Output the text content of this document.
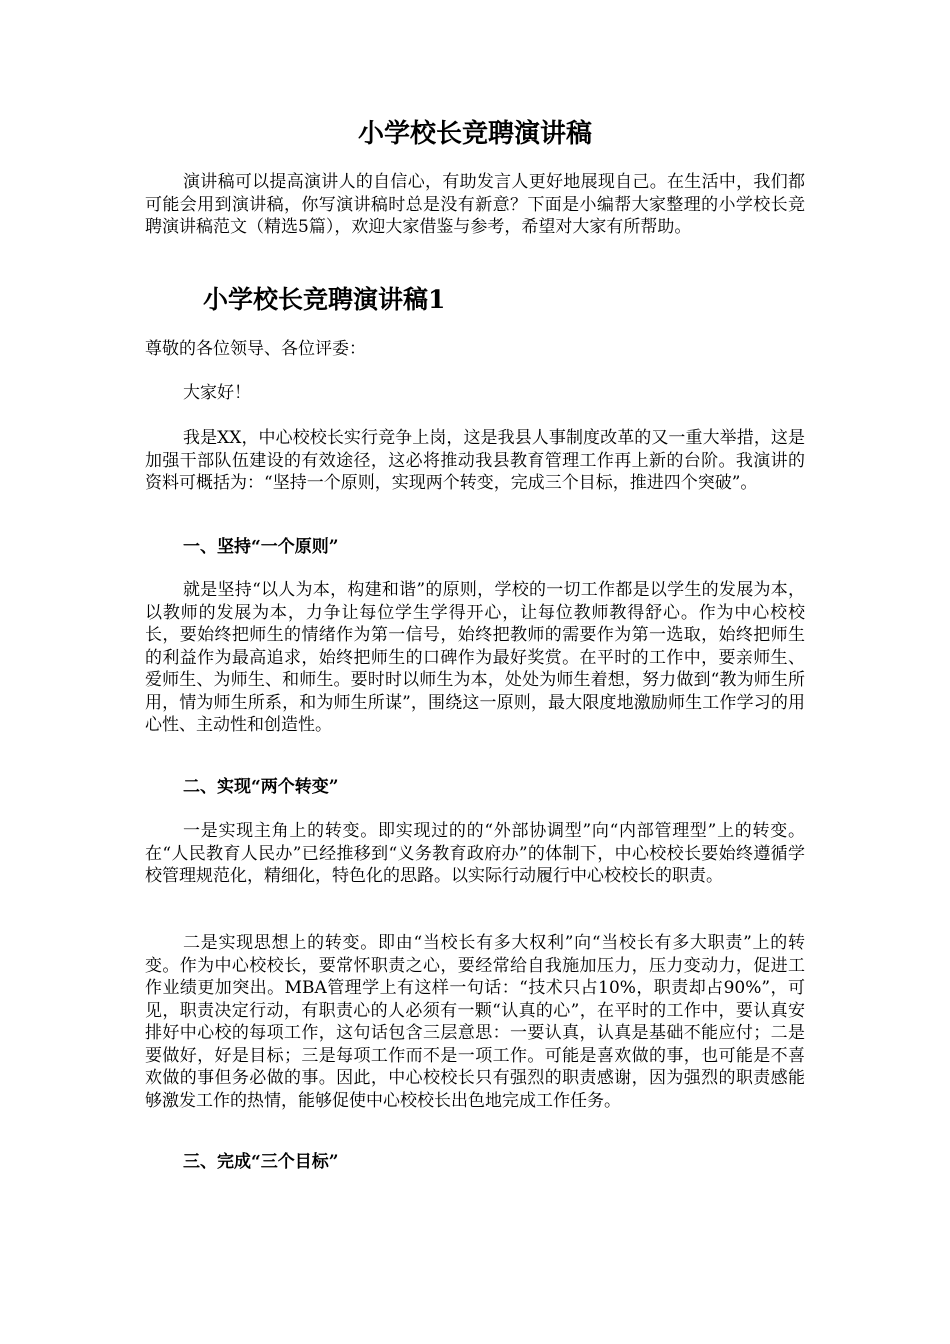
小学校长竞聘演讲稿

演讲稿可以提高演讲人的自信心，有助发言人更好地展现自己。在生活中，我们都可能会用到演讲稿，你写演讲稿时总是没有新意？下面是小编帮大家整理的小学校长竞聘演讲稿范文（精选5篇），欢迎大家借鉴与参考，希望对大家有所帮助。

小学校长竞聘演讲稿1

尊敬的各位领导、各位评委：

大家好！

我是XX，中心校校长实行竞争上岗，这是我县人事制度改革的又一重大举措，这是加强干部队伍建设的有效途径，这必将推动我县教育管理工作再上新的台阶。我演讲的资料可概括为：“坚持一个原则，实现两个转变，完成三个目标，推进四个突破”。

一、坚持“一个原则”

就是坚持“以人为本，构建和谐”的原则，学校的一切工作都是以学生的发展为本，以教师的发展为本，力争让每位学生学得开心，让每位教师教得舒心。作为中心校校长，要始终把师生的情绪作为第一信号，始终把教师的需要作为第一选取，始终把师生的利益作为最高追求，始终把师生的口碑作为最好奖赏。在平时的工作中，要亲师生、爱师生、为师生、和师生。要时时以师生为本，处处为师生着想，努力做到“教为师生所用，情为师生所系，和为师生所谋”，围绕这一原则，最大限度地激励师生工作学习的用心性、主动性和创造性。

二、实现“两个转变”

一是实现主角上的转变。即实现过的的“外部协调型”向“内部管理型”上的转变。在“人民教育人民办”已经推移到“义务教育政府办”的体制下，中心校校长要始终遵循学校管理规范化，精细化，特色化的思路。以实际行动履行中心校校长的职责。

二是实现思想上的转变。即由“当校长有多大权利”向“当校长有多大职责”上的转变。作为中心校校长，要常怀职责之心，要经常给自我施加压力，压力变动力，促进工作业绩更加突出。MBA管理学上有这样一句话：“技术只占10%，职责却占90%”，可见，职责决定行动，有职责心的人必须有一颗“认真的心”，在平时的工作中，要认真安排好中心校的每项工作，这句话包含三层意思：一要认真，认真是基础不能应付；二是要做好，好是目标；三是每项工作而不是一项工作。可能是喜欢做的事，也可能是不喜欢做的事但务必做的事。因此，中心校校长只有强烈的职责感谢，因为强烈的职责感能够激发工作的热情，能够促使中心校校长出色地完成工作任务。

三、完成“三个目标”
